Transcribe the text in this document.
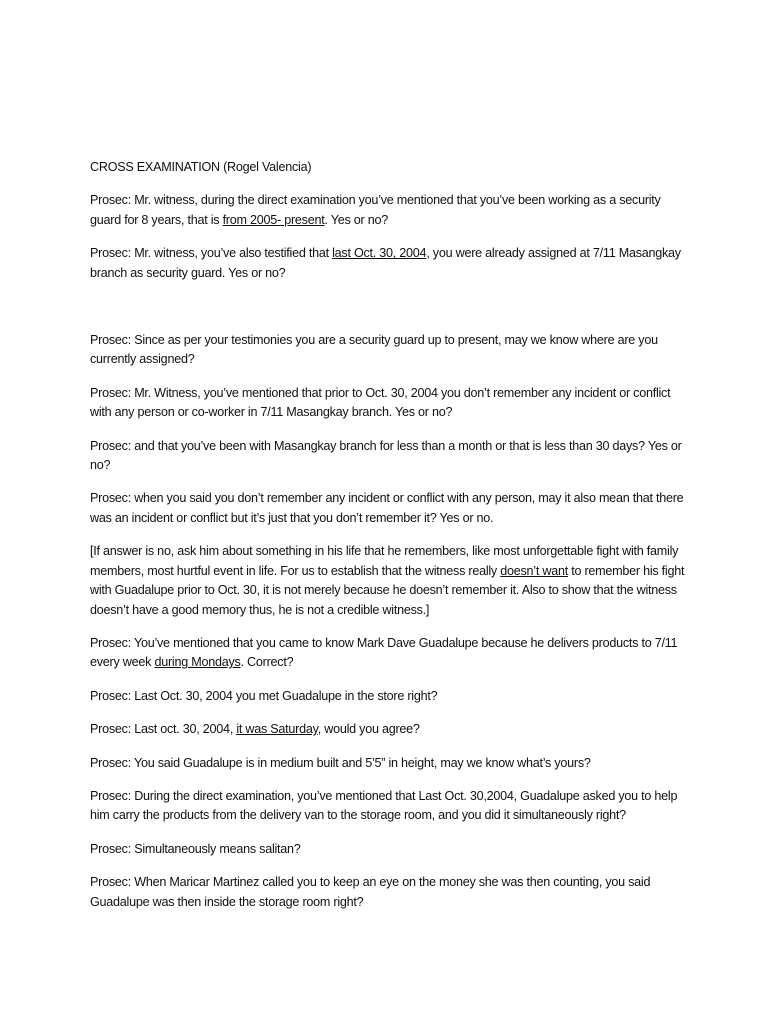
CROSS EXAMINATION (Rogel Valencia)

Prosec: Mr. witness, during the direct examination you’ve mentioned that you’ve been working as a security guard for 8 years, that is from 2005- present. Yes or no?

Prosec: Mr. witness, you’ve also testified that last Oct. 30, 2004, you were already assigned at 7/11 Masangkay branch as security guard. Yes or no?

Prosec: Since as per your testimonies you are a security guard up to present, may we know where are you currently assigned?

Prosec: Mr. Witness, you’ve mentioned that prior to Oct. 30, 2004 you don’t remember any incident or conflict with any person or co-worker in 7/11 Masangkay branch. Yes or no?

Prosec: and that you’ve been with Masangkay branch for less than a month or that is less than 30 days? Yes or no?

Prosec: when you said you don’t remember any incident or conflict with any person, may it also mean that there was an incident or conflict but it’s just that you don’t remember it? Yes or no.

[If answer is no, ask him about something in his life that he remembers, like most unforgettable fight with family members, most hurtful event in life. For us to establish that the witness really doesn’t want to remember his fight with Guadalupe prior to Oct. 30, it is not merely because he doesn’t remember it. Also to show that the witness doesn’t have a good memory thus, he is not a credible witness.]

Prosec: You’ve mentioned that you came to know Mark Dave Guadalupe because he delivers products to 7/11 every week during Mondays. Correct?

Prosec: Last Oct. 30, 2004 you met Guadalupe in the store right?

Prosec: Last oct. 30, 2004, it was Saturday, would you agree?

Prosec: You said Guadalupe is in medium built and 5’5” in height, may we know what’s yours?

Prosec: During the direct examination, you’ve mentioned that Last Oct. 30,2004, Guadalupe asked you to help him carry the products from the delivery van to the storage room, and you did it simultaneously right?

Prosec: Simultaneously means salitan?

Prosec: When Maricar Martinez called you to keep an eye on the money she was then counting, you said Guadalupe was then inside the storage room right?
